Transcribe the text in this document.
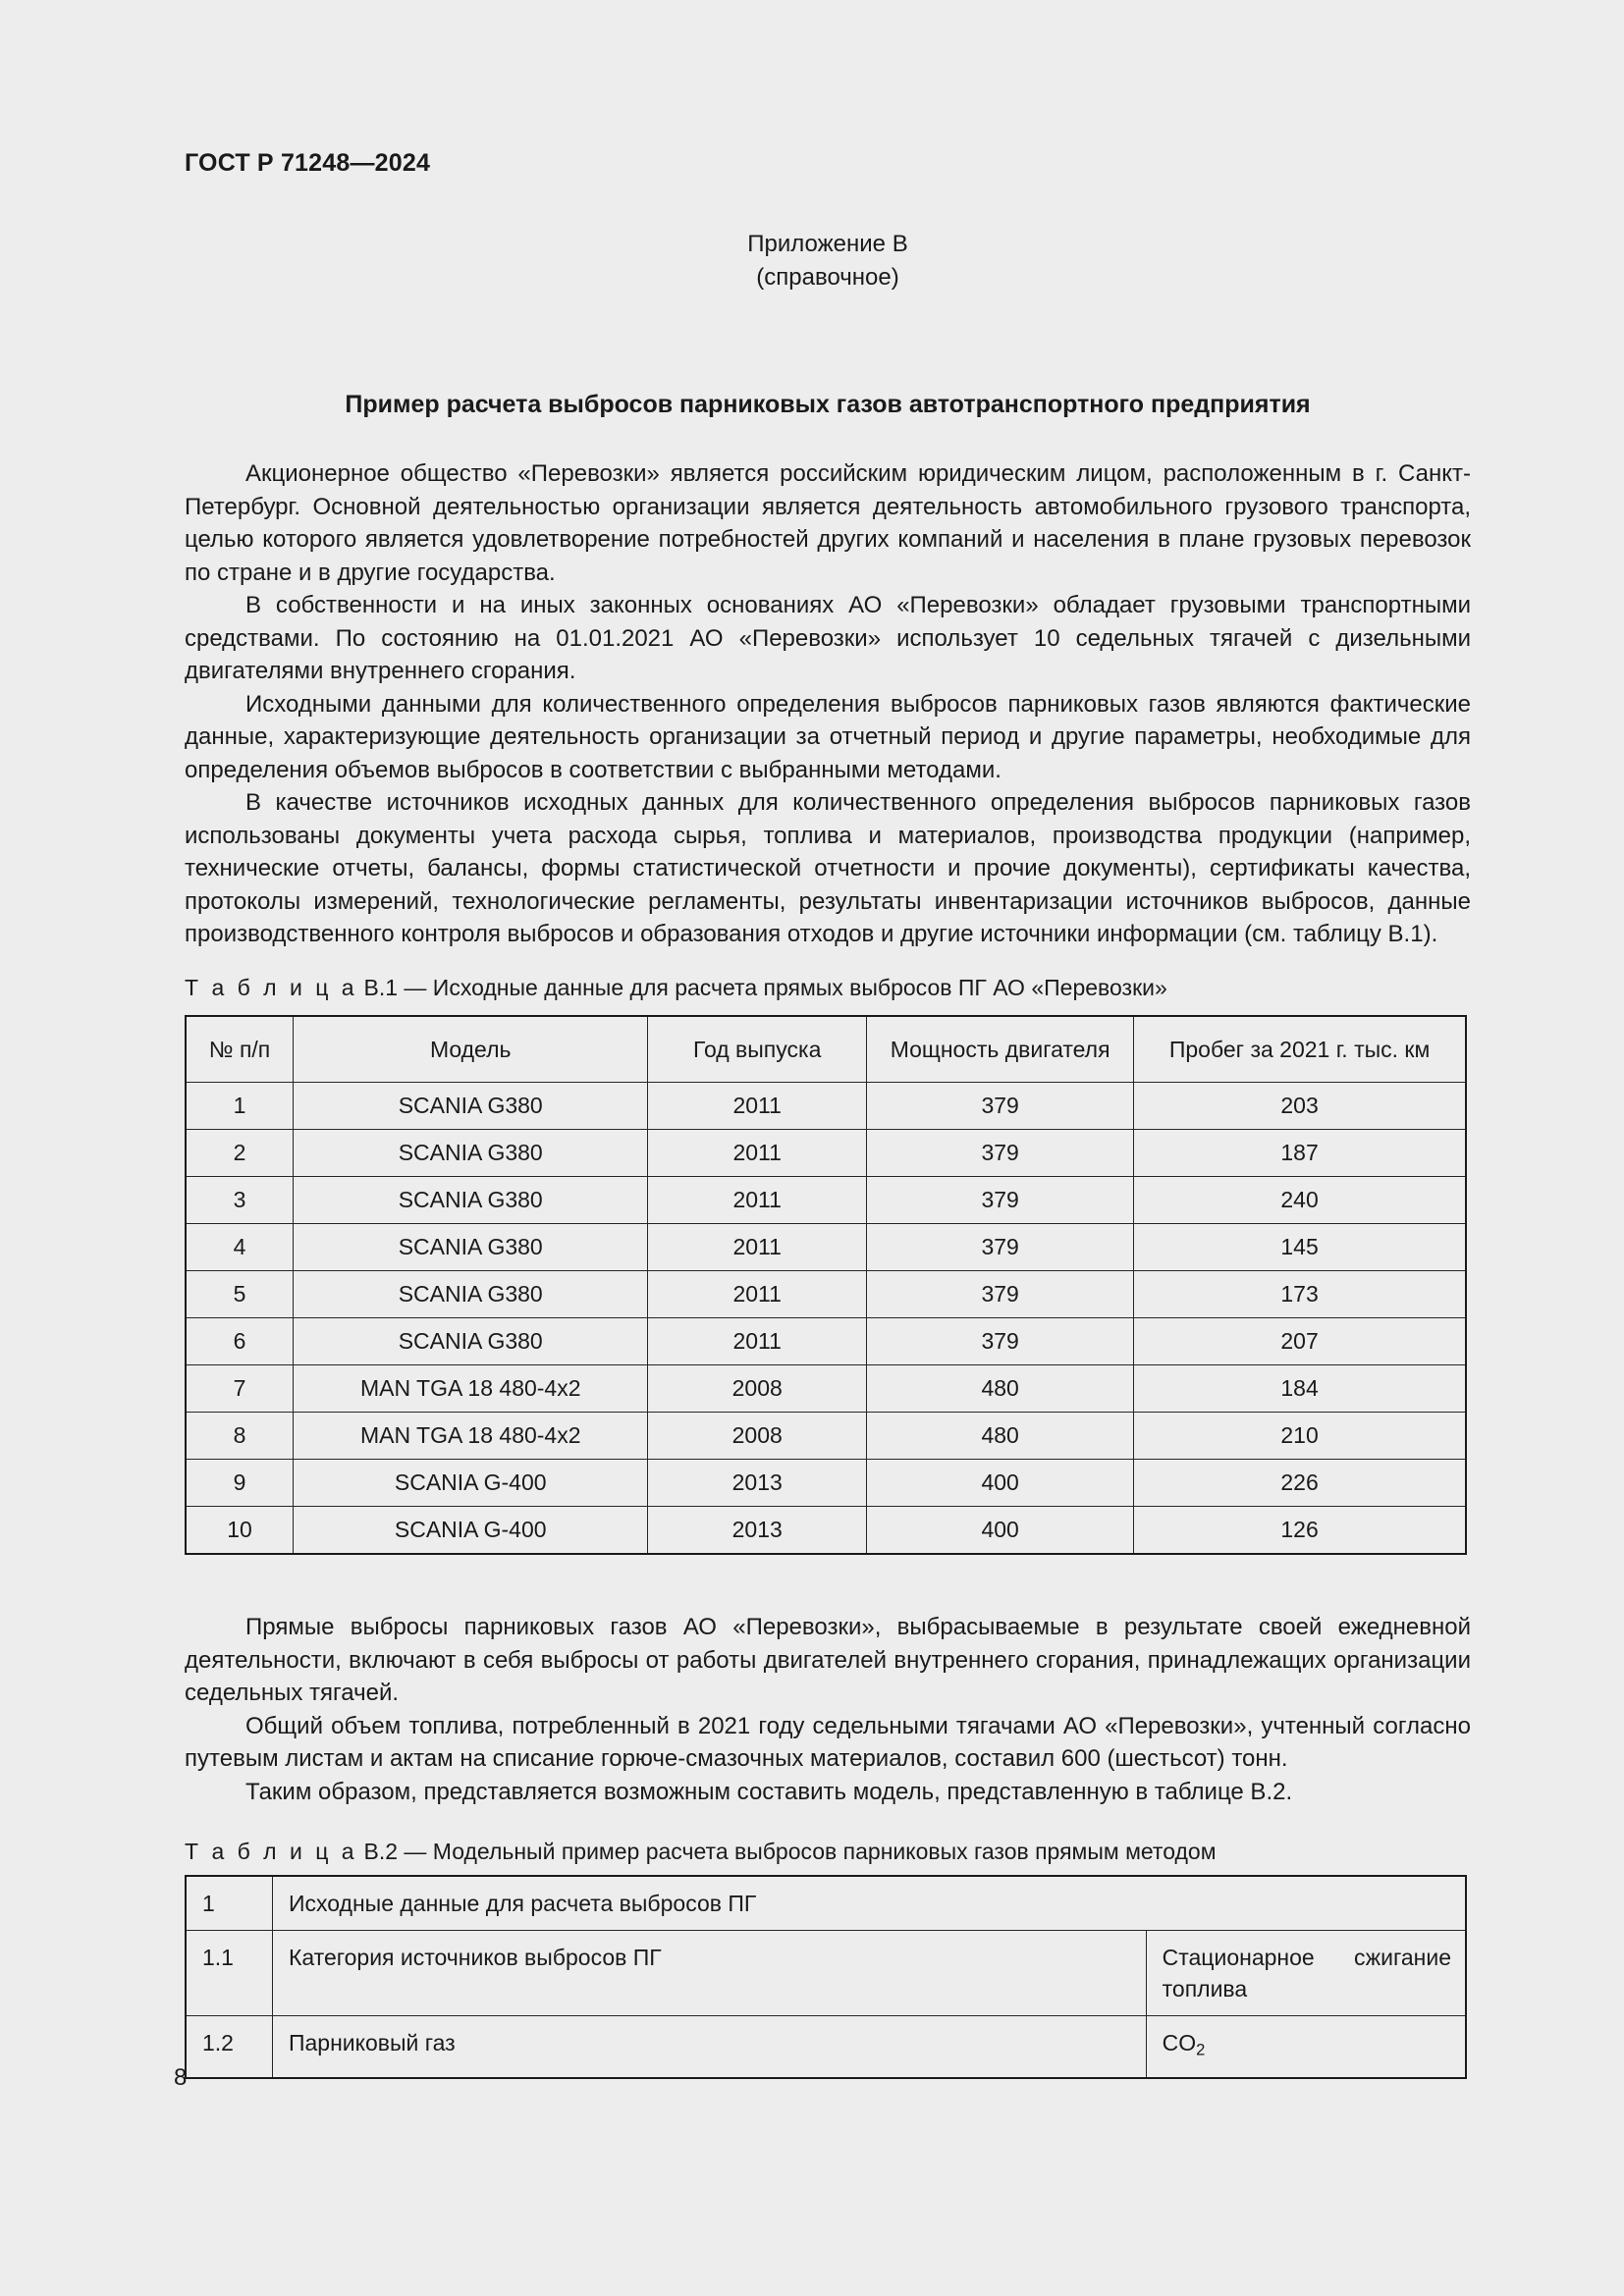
ГОСТ Р 71248—2024
Приложение В
(справочное)
Пример расчета выбросов парниковых газов автотранспортного предприятия

Акционерное общество «Перевозки» является российским юридическим лицом, расположенным в г. Санкт-Петербург. Основной деятельностью организации является деятельность автомобильного грузового транспорта, целью которого является удовлетворение потребностей других компаний и населения в плане грузовых перевозок по стране и в другие государства.

В собственности и на иных законных основаниях АО «Перевозки» обладает грузовыми транспортными средствами. По состоянию на 01.01.2021 АО «Перевозки» использует 10 седельных тягачей с дизельными двигателями внутреннего сгорания.

Исходными данными для количественного определения выбросов парниковых газов являются фактические данные, характеризующие деятельность организации за отчетный период и другие параметры, необходимые для определения объемов выбросов в соответствии с выбранными методами.

В качестве источников исходных данных для количественного определения выбросов парниковых газов использованы документы учета расхода сырья, топлива и материалов, производства продукции (например, технические отчеты, балансы, формы статистической отчетности и прочие документы), сертификаты качества, протоколы измерений, технологические регламенты, результаты инвентаризации источников выбросов, данные производственного контроля выбросов и образования отходов и другие источники информации (см. таблицу В.1).

Т а б л и ц а В.1 — Исходные данные для расчета прямых выбросов ПГ АО «Перевозки»
№ п/п	Модель	Год выпуска	Мощность двигателя	Пробег за 2021 г. тыс. км
1	SCANIA G380	2011	379	203
2	SCANIA G380	2011	379	187
3	SCANIA G380	2011	379	240
4	SCANIA G380	2011	379	145
5	SCANIA G380	2011	379	173
6	SCANIA G380	2011	379	207
7	MAN TGA 18 480-4x2	2008	480	184
8	MAN TGA 18 480-4x2	2008	480	210
9	SCANIA G-400	2013	400	226
10	SCANIA G-400	2013	400	126

Прямые выбросы парниковых газов АО «Перевозки», выбрасываемые в результате своей ежедневной деятельности, включают в себя выбросы от работы двигателей внутреннего сгорания, принадлежащих организации седельных тягачей.

Общий объем топлива, потребленный в 2021 году седельными тягачами АО «Перевозки», учтенный согласно путевым листам и актам на списание горюче-смазочных материалов, составил 600 (шестьсот) тонн.

Таким образом, представляется возможным составить модель, представленную в таблице В.2.

Т а б л и ц а В.2 — Модельный пример расчета выбросов парниковых газов прямым методом
1	Исходные данные для расчета выбросов ПГ	
1.1	Категория источников выбросов ПГ	Стационарное сжигание топлива
1.2	Парниковый газ	$CO_2$
8
